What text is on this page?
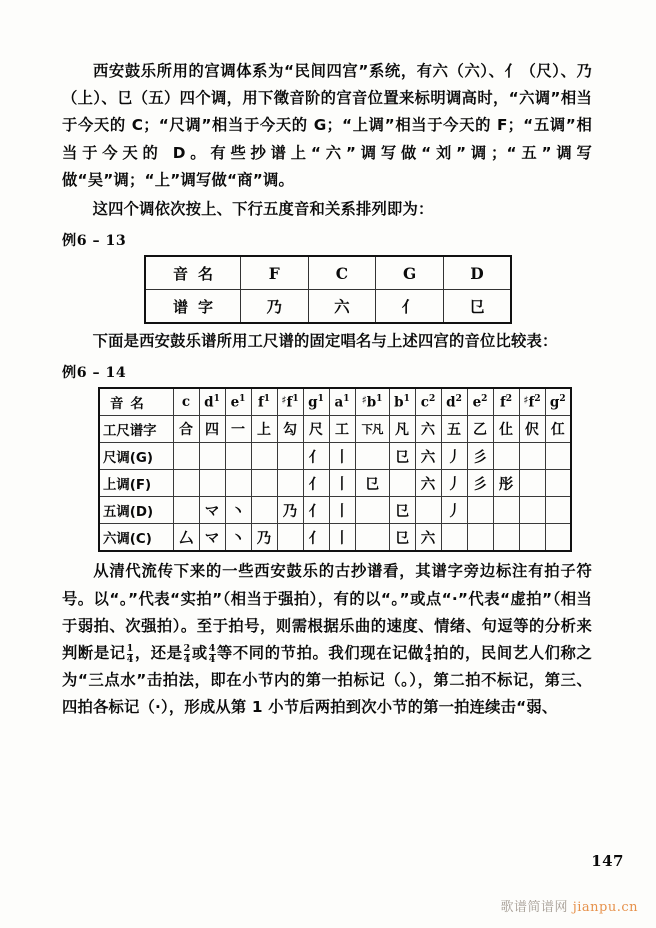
西安鼓乐所用的宫调体系为“民间四宫”系统，有六（六）、亻（尺）、乃（上）、㔾（五）四个调，用下徵音阶的宫音位置来标明调高时，“六调”相当于今天的 C；“尺调”相当于今天的 G；“上调”相当于今天的 F；“五调”相当于今天的 D。有些抄谱上“六”调写做“刘”调；“五”调写做“吴”调；“上”调写做“商”调。

这四个调依次按上、下行五度音和关系排列即为：

例6 – 13
音名	F	C	G	D
谱字	乃	六	亻	㔾

下面是西安鼓乐谱所用工尺谱的固定唱名与上述四宫的音位比较表：

例6 – 14
音名	c	$d^1$	$e^1$	$f^1$	$^♯f^1$	$g^1$	$a^1$	$^♯b^1$	$b^1$	$c^2$	$d^2$	$e^2$	$f^2$	$^♯f^2$	$g^2$
工尺谱字	合	四	一	上	勾	尺	工	下凡	凡	六	五	乙	仩	伬	仜
尺调(G)						亻	丨		㔾	六	丿	彡			
上调(F)						亻	丨	㔾		六	丿	彡	彤		
五调(D)		マ	丶		乃	亻	丨		㔾		丿				
六调(C)	厶	マ	丶	乃		亻	丨		㔾	六					

从清代流传下来的一些西安鼓乐的古抄谱看，其谱字旁边标注有拍子符号。以“。”代表“实拍”（相当于强拍），有的以“。”或点“·”代表“虚拍”（相当于弱拍、次强拍）。至于拍号，则需根据乐曲的速度、情绪、句逗等的分析来判断是记 $\frac{1}{4}$ ，还是 $\frac{2}{4}$ 或 $\frac{4}{4}$ 等不同的节拍。我们现在记做 $\frac{4}{4}$ 拍的，民间艺人们称之为“三点水”击拍法，即在小节内的第一拍标记（。），第二拍不标记，第三、四拍各标记（·），形成从第 1 小节后两拍到次小节的第一拍连续击“弱、

147
歌谱简谱网 jianpu.cn
